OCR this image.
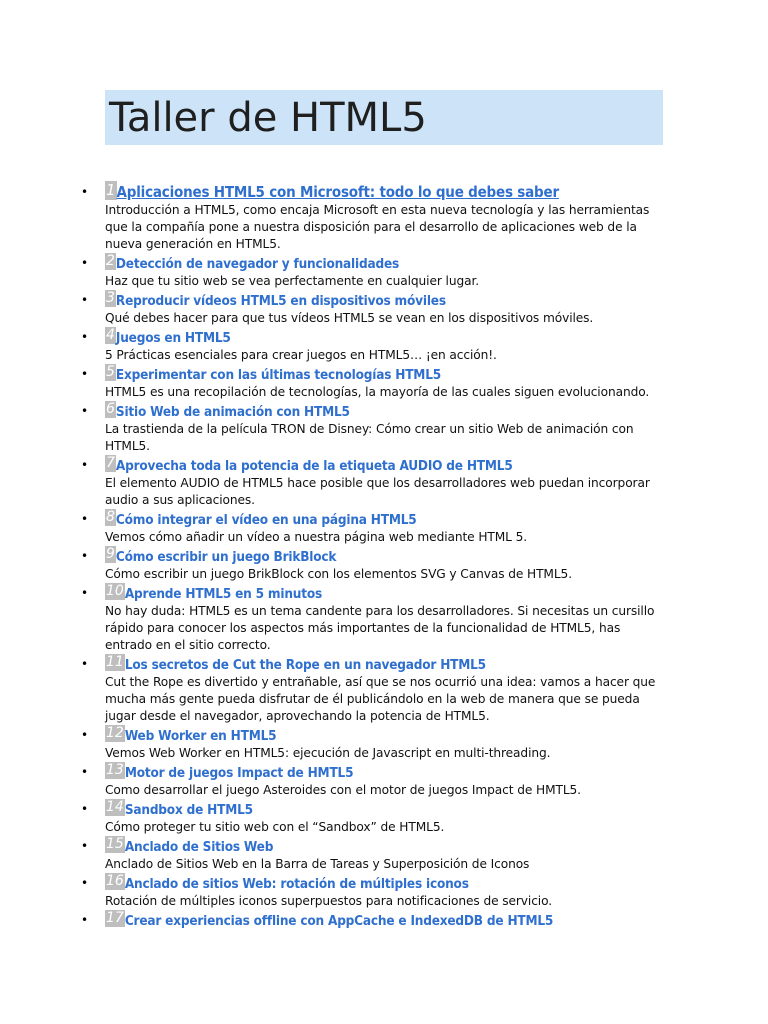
Taller de HTML5
• 1Aplicaciones HTML5 con Microsoft: todo lo que debes saber
Introducción a HTML5, como encaja Microsoft en esta nueva tecnología y las herramientas que la compañía pone a nuestra disposición para el desarrollo de aplicaciones web de la nueva generación en HTML5.
• 2Detección de navegador y funcionalidades
Haz que tu sitio web se vea perfectamente en cualquier lugar.
• 3Reproducir vídeos HTML5 en dispositivos móviles
Qué debes hacer para que tus vídeos HTML5 se vean en los dispositivos móviles.
• 4Juegos en HTML5
5 Prácticas esenciales para crear juegos en HTML5… ¡en acción!.
• 5Experimentar con las últimas tecnologías HTML5
HTML5 es una recopilación de tecnologías, la mayoría de las cuales siguen evolucionando.
• 6Sitio Web de animación con HTML5
La trastienda de la película TRON de Disney: Cómo crear un sitio Web de animación con HTML5.
• 7Aprovecha toda la potencia de la etiqueta AUDIO de HTML5
El elemento AUDIO de HTML5 hace posible que los desarrolladores web puedan incorporar audio a sus aplicaciones.
• 8Cómo integrar el vídeo en una página HTML5
Vemos cómo añadir un vídeo a nuestra página web mediante HTML 5.
• 9Cómo escribir un juego BrikBlock
Cómo escribir un juego BrikBlock con los elementos SVG y Canvas de HTML5.
• 10Aprende HTML5 en 5 minutos
No hay duda: HTML5 es un tema candente para los desarrolladores. Si necesitas un cursillo rápido para conocer los aspectos más importantes de la funcionalidad de HTML5, has entrado en el sitio correcto.
• 11Los secretos de Cut the Rope en un navegador HTML5
Cut the Rope es divertido y entrañable, así que se nos ocurrió una idea: vamos a hacer que mucha más gente pueda disfrutar de él publicándolo en la web de manera que se pueda jugar desde el navegador, aprovechando la potencia de HTML5.
• 12Web Worker en HTML5
Vemos Web Worker en HTML5: ejecución de Javascript en multi-threading.
• 13Motor de juegos Impact de HMTL5
Como desarrollar el juego Asteroides con el motor de juegos Impact de HMTL5.
• 14Sandbox de HTML5
Cómo proteger tu sitio web con el “Sandbox” de HTML5.
• 15Anclado de Sitios Web
Anclado de Sitios Web en la Barra de Tareas y Superposición de Iconos
• 16Anclado de sitios Web: rotación de múltiples iconos
Rotación de múltiples iconos superpuestos para notificaciones de servicio.
• 17Crear experiencias offline con AppCache e IndexedDB de HTML5
